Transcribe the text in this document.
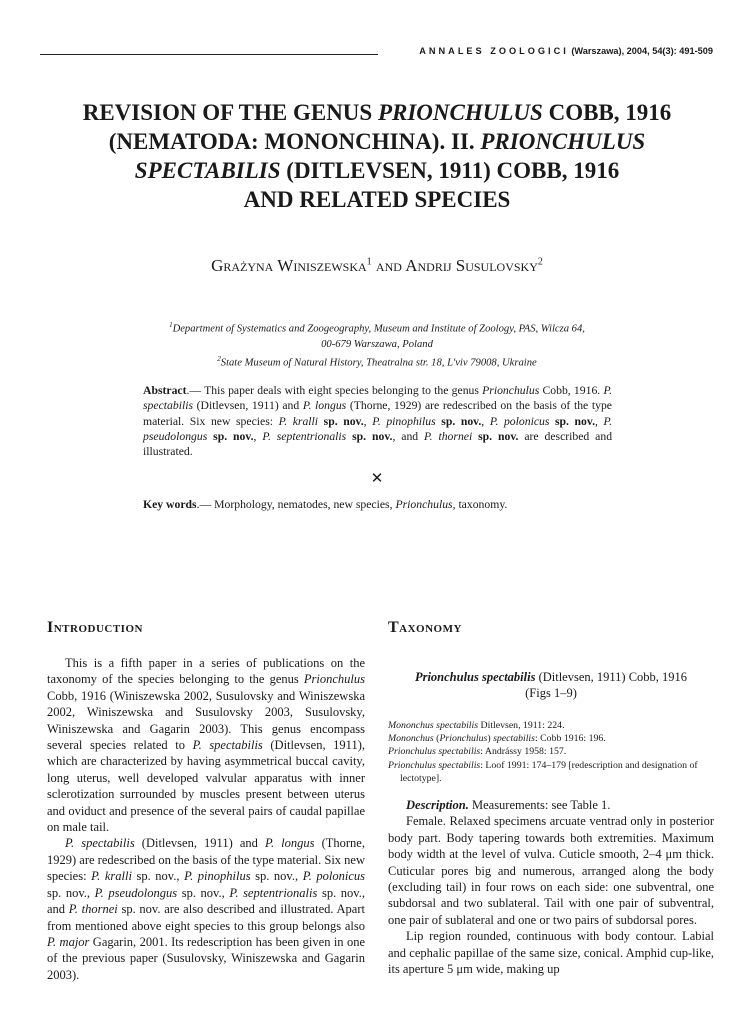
ANNALES ZOOLOGICI (Warszawa), 2004, 54(3): 491-509
REVISION OF THE GENUS PRIONCHULUS COBB, 1916
(NEMATODA: MONONCHINA). II. PRIONCHULUS
SPECTABILIS (DITLEVSEN, 1911) COBB, 1916
AND RELATED SPECIES
Grażyna Winiszewska$^1$ and Andrij Susulovsky$^2$
$^1$Department of Systematics and Zoogeography, Museum and Institute of Zoology, PAS, Wilcza 64,
00-679 Warszawa, Poland
$^2$State Museum of Natural History, Theatralna str. 18, L'viv 79008, Ukraine
Abstract.— This paper deals with eight species belonging to the genus Prionchulus Cobb, 1916. P. spectabilis (Ditlevsen, 1911) and P. longus (Thorne, 1929) are redescribed on the basis of the type material. Six new species: P. kralli sp. nov., P. pinophilus sp. nov., P. polonicus sp. nov., P. pseudolongus sp. nov., P. septentrionalis sp. nov., and P. thornei sp. nov. are described and illustrated.
✕
Key words.— Morphology, nematodes, new species, Prionchulus, taxonomy.
Introduction

This is a fifth paper in a series of publications on the taxonomy of the species belonging to the genus Prionchulus Cobb, 1916 (Winiszewska 2002, Susulovsky and Winiszewska 2002, Winiszewska and Susulovsky 2003, Susulovsky, Winiszewska and Gagarin 2003). This genus encompass several species related to P. spectabilis (Ditlevsen, 1911), which are characterized by having asymmetrical buccal cavity, long uterus, well developed valvular apparatus with inner sclerotization surrounded by muscles present between uterus and oviduct and presence of the several pairs of caudal papillae on male tail.

P. spectabilis (Ditlevsen, 1911) and P. longus (Thorne, 1929) are redescribed on the basis of the type material. Six new species: P. kralli sp. nov., P. pinophilus sp. nov., P. polonicus sp. nov., P. pseudolongus sp. nov., P. septentrionalis sp. nov., and P. thornei sp. nov. are also described and illustrated. Apart from mentioned above eight species to this group belongs also P. major Gagarin, 2001. Its redescription has been given in one of the previous paper (Susulovsky, Winiszewska and Gagarin 2003).

Taxonomy
Prionchulus spectabilis (Ditlevsen, 1911) Cobb, 1916
(Figs 1–9)
Mononchus spectabilis Ditlevsen, 1911: 224.
Mononchus (Prionchulus) spectabilis: Cobb 1916: 196.
Prionchulus spectabilis: Andrássy 1958: 157.
Prionchulus spectabilis: Loof 1991: 174–179 [redescription and designation of lectotype].

Description. Measurements: see Table 1.

Female. Relaxed specimens arcuate ventrad only in posterior body part. Body tapering towards both extremities. Maximum body width at the level of vulva. Cuticle smooth, 2–4 μm thick. Cuticular pores big and numerous, arranged along the body (excluding tail) in four rows on each side: one subventral, one subdorsal and two sublateral. Tail with one pair of subventral, one pair of sublateral and one or two pairs of subdorsal pores.

Lip region rounded, continuous with body contour. Labial and cephalic papillae of the same size, conical. Amphid cup-like, its aperture 5 μm wide, making up
